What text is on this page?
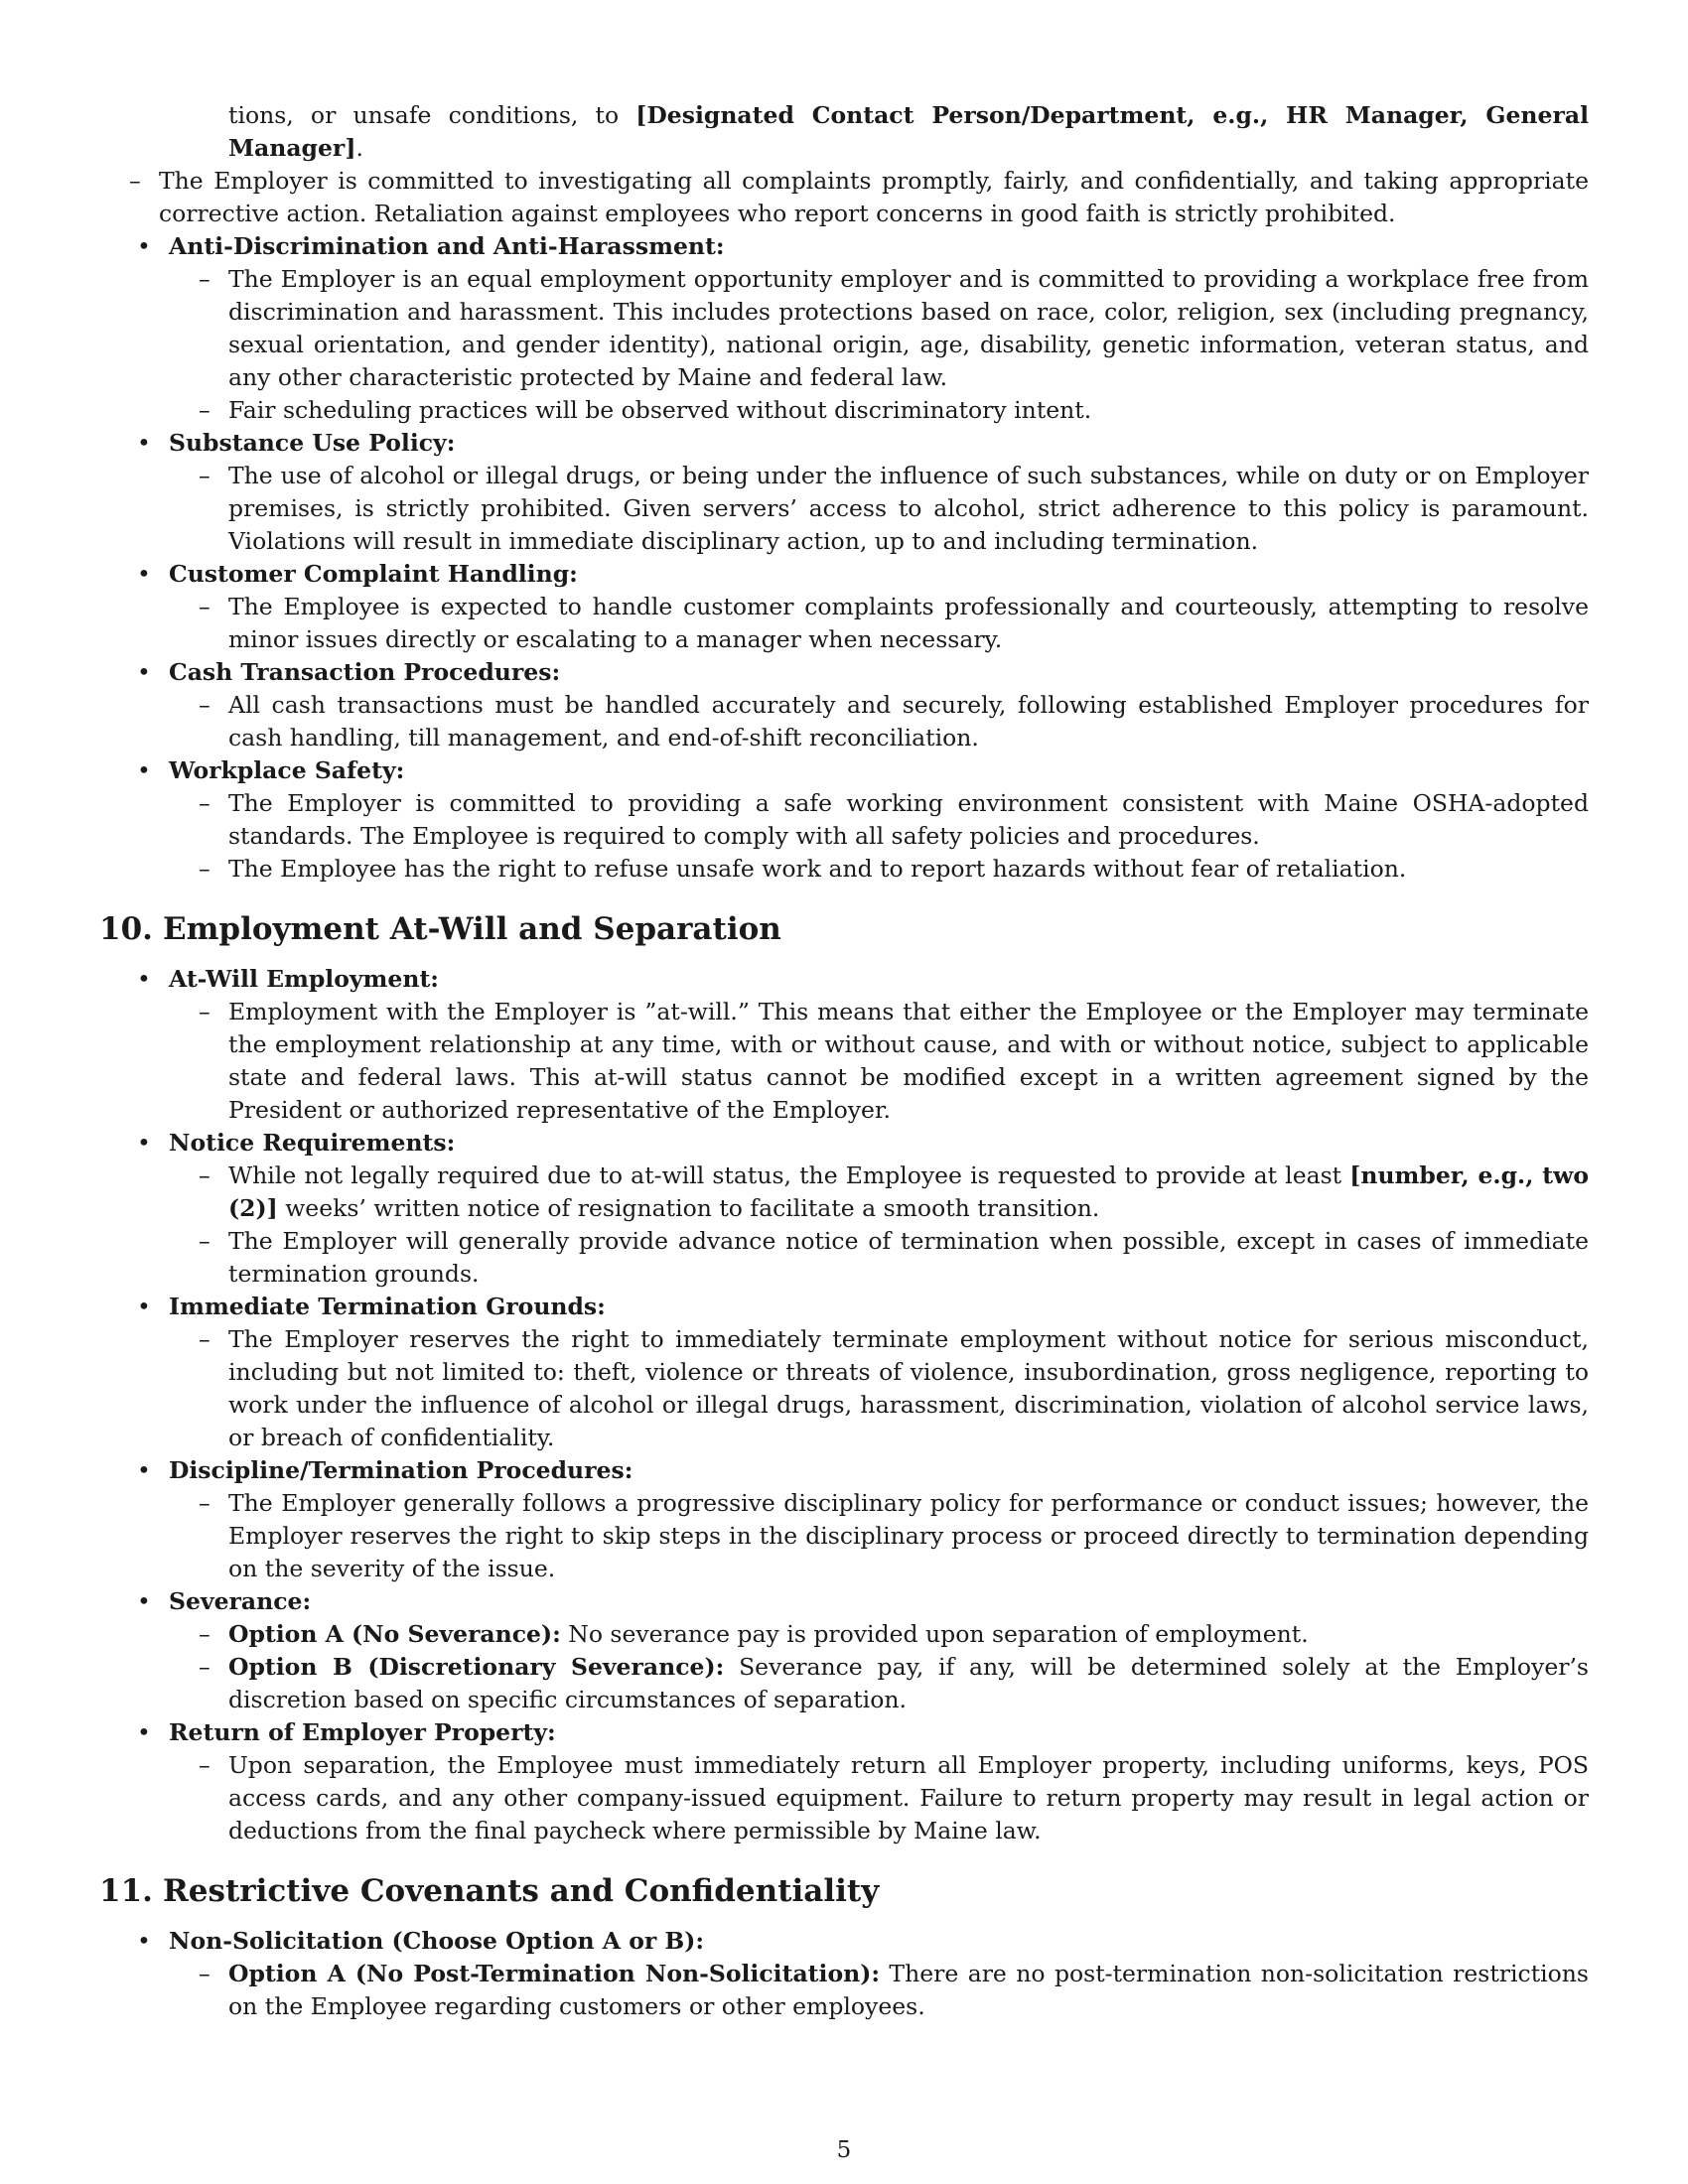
tions, or unsafe conditions, to [Designated Contact Person/Department, e.g., HR Manager, General Manager].
– The Employer is committed to investigating all complaints promptly, fairly, and confidentially, and taking appropriate corrective action. Retaliation against employees who report concerns in good faith is strictly prohibited.
• Anti-Discrimination and Anti-Harassment:
– The Employer is an equal employment opportunity employer and is committed to providing a workplace free from discrimination and harassment. This includes protections based on race, color, religion, sex (including pregnancy, sexual orientation, and gender identity), national origin, age, disability, genetic information, veteran status, and any other characteristic protected by Maine and federal law.
– Fair scheduling practices will be observed without discriminatory intent.
• Substance Use Policy:
– The use of alcohol or illegal drugs, or being under the influence of such substances, while on duty or on Employer premises, is strictly prohibited. Given servers’ access to alcohol, strict adherence to this policy is paramount. Violations will result in immediate disciplinary action, up to and including termination.
• Customer Complaint Handling:
– The Employee is expected to handle customer complaints professionally and courteously, attempting to resolve minor issues directly or escalating to a manager when necessary.
• Cash Transaction Procedures:
– All cash transactions must be handled accurately and securely, following established Employer procedures for cash handling, till management, and end-of-shift reconciliation.
• Workplace Safety:
– The Employer is committed to providing a safe working environment consistent with Maine OSHA-adopted standards. The Employee is required to comply with all safety policies and procedures.
– The Employee has the right to refuse unsafe work and to report hazards without fear of retaliation.
10. Employment At-Will and Separation
• At-Will Employment:
– Employment with the Employer is ”at-will.” This means that either the Employee or the Employer may terminate the employment relationship at any time, with or without cause, and with or without notice, subject to applicable state and federal laws. This at-will status cannot be modified except in a written agreement signed by the President or authorized representative of the Employer.
• Notice Requirements:
– While not legally required due to at-will status, the Employee is requested to provide at least [number, e.g., two (2)] weeks’ written notice of resignation to facilitate a smooth transition.
– The Employer will generally provide advance notice of termination when possible, except in cases of immediate termination grounds.
• Immediate Termination Grounds:
– The Employer reserves the right to immediately terminate employment without notice for serious misconduct, including but not limited to: theft, violence or threats of violence, insubordination, gross negligence, reporting to work under the influence of alcohol or illegal drugs, harassment, discrimination, violation of alcohol service laws, or breach of confidentiality.
• Discipline/Termination Procedures:
– The Employer generally follows a progressive disciplinary policy for performance or conduct issues; however, the Employer reserves the right to skip steps in the disciplinary process or proceed directly to termination depending on the severity of the issue.
• Severance:
– Option A (No Severance): No severance pay is provided upon separation of employment.
– Option B (Discretionary Severance): Severance pay, if any, will be determined solely at the Employer’s discretion based on specific circumstances of separation.
• Return of Employer Property:
– Upon separation, the Employee must immediately return all Employer property, including uniforms, keys, POS access cards, and any other company-issued equipment. Failure to return property may result in legal action or deductions from the final paycheck where permissible by Maine law.
11. Restrictive Covenants and Confidentiality
• Non-Solicitation (Choose Option A or B):
– Option A (No Post-Termination Non-Solicitation): There are no post-termination non-solicitation restrictions on the Employee regarding customers or other employees.
5
